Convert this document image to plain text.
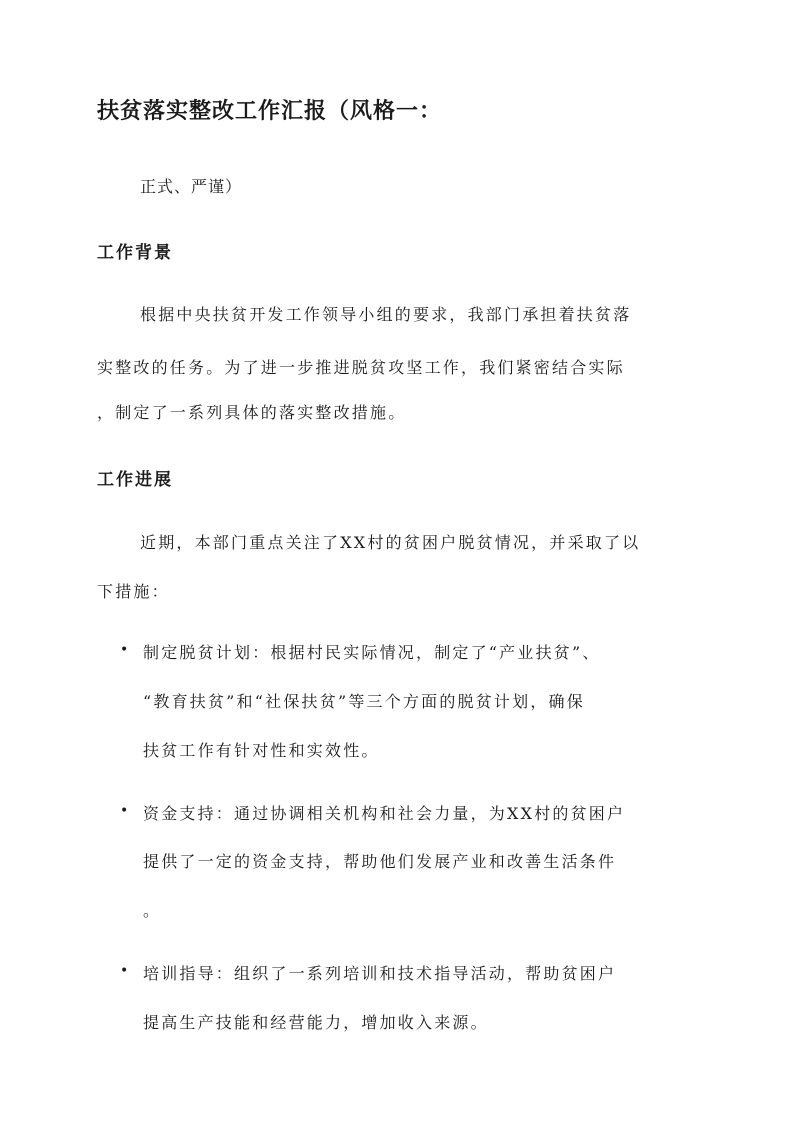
扶贫落实整改工作汇报（风格一：
正式、严谨）
工作背景
根据中央扶贫开发工作领导小组的要求，我部门承担着扶贫落
实整改的任务。为了进一步推进脱贫攻坚工作，我们紧密结合实际
，制定了一系列具体的落实整改措施。
工作进展
近期，本部门重点关注了XX村的贫困户脱贫情况，并采取了以
下措施：
• 制定脱贫计划：根据村民实际情况，制定了“产业扶贫”、
“教育扶贫”和“社保扶贫”等三个方面的脱贫计划，确保
扶贫工作有针对性和实效性。
• 资金支持：通过协调相关机构和社会力量，为XX村的贫困户
提供了一定的资金支持，帮助他们发展产业和改善生活条件
。
• 培训指导：组织了一系列培训和技术指导活动，帮助贫困户
提高生产技能和经营能力，增加收入来源。
